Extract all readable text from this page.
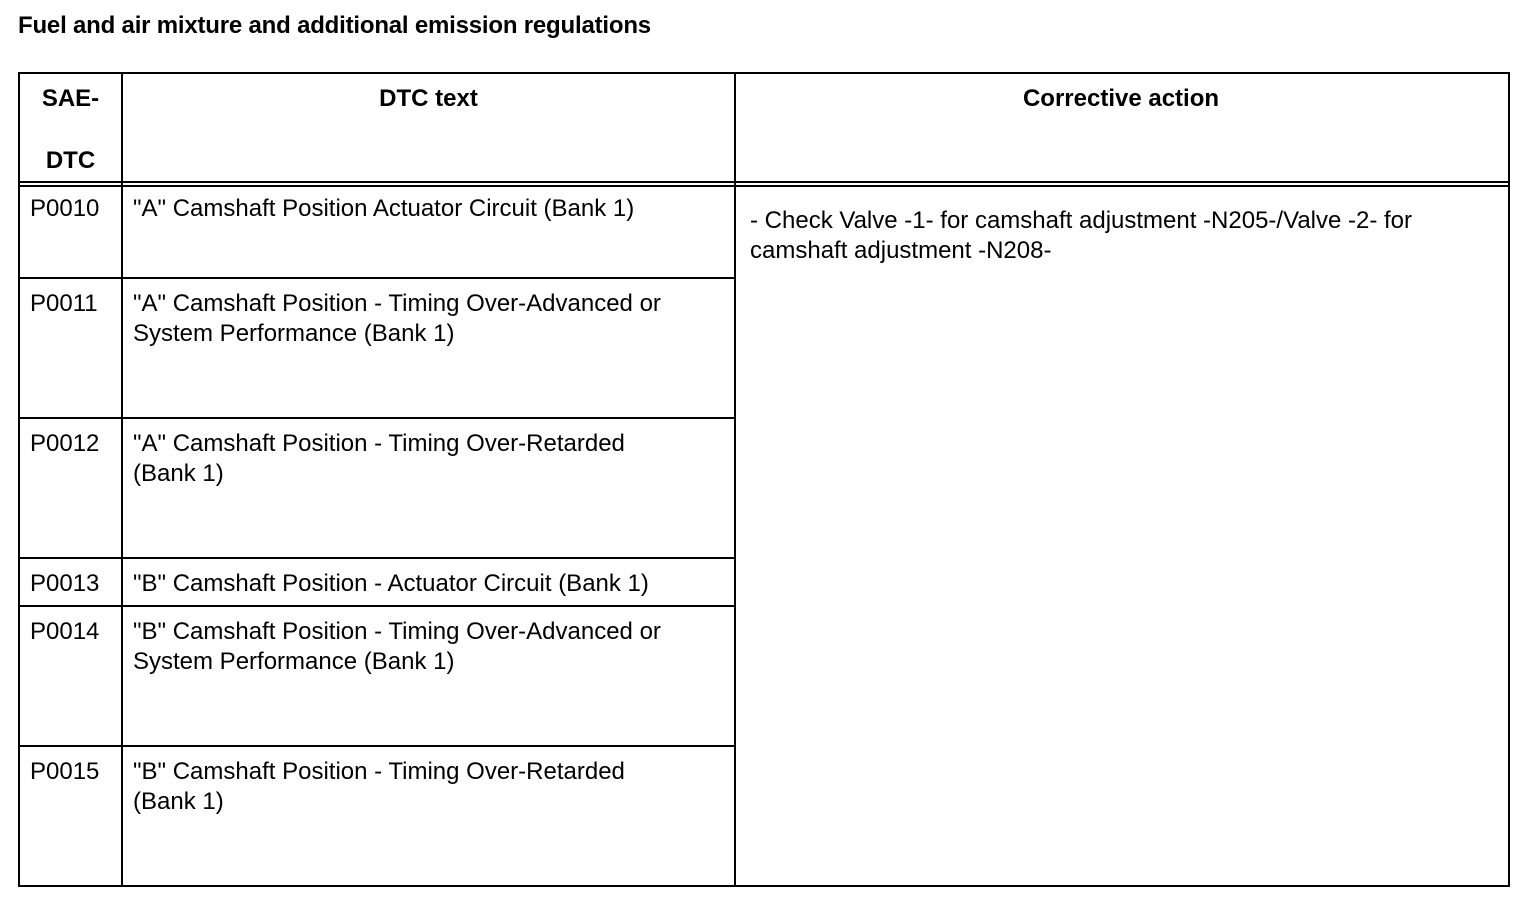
Fuel and air mixture and additional emission regulations
SAE-
DTC
DTC text	Corrective action
P0010 "A" Camshaft Position Actuator Circuit (Bank 1)
P0011 "A" Camshaft Position - Timing Over-Advanced or System Performance (Bank 1)
P0012 "A" Camshaft Position - Timing Over-Retarded (Bank 1)
P0013 "B" Camshaft Position - Actuator Circuit (Bank 1)
P0014 "B" Camshaft Position - Timing Over-Advanced or System Performance (Bank 1)
P0015 "B" Camshaft Position - Timing Over-Retarded (Bank 1)
- Check Valve -1- for camshaft adjustment -N205-/Valve -2- for camshaft adjustment -N208-
